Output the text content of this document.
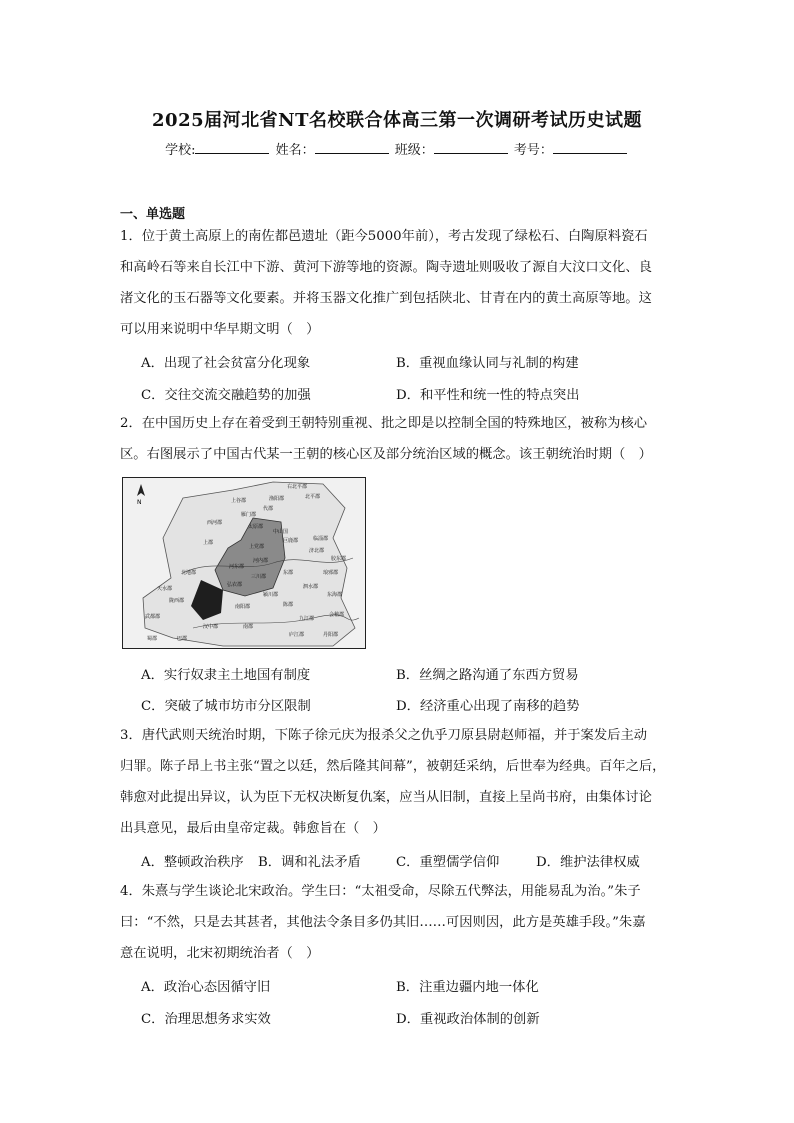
2025届河北省NT名校联合体高三第一次调研考试历史试题
学校:	姓名：	班级：	考号：
一、单选题
1．位于黄土高原上的南佐都邑遗址（距今5000年前），考古发现了绿松石、白陶原料瓷石
和高岭石等来自长江中下游、黄河下游等地的资源。陶寺遗址则吸收了源自大汶口文化、良
渚文化的玉石器等文化要素。并将玉器文化推广到包括陕北、甘青在内的黄土高原等地。这
可以用来说明中华早期文明（　）
A．出现了社会贫富分化现象	B．重视血缘认同与礼制的构建
C．交往交流交融趋势的加强	D．和平性和统一性的特点突出
2．在中国历史上存在着受到王朝特别重视、批之即是以控制全国的特殊地区，被称为核心
区。右图展示了中国古代某一王朝的核心区及部分统治区域的概念。该王朝统治时期（　）
N	上谷郡
右北平郡
渔阳郡
代郡
雁门郡
太原郡
西河郡
中山国
上郡
上党郡
河内郡
河东郡
北地郡
天水郡
三川郡
弘农郡
南阳郡
南郡
武都郡
颍川郡
陈郡
九江郡
庐江郡	丹阳郡
会稽郡
济北郡
东郡
巨鹿郡
琅邪郡
泗水郡
东海郡
胶东郡
陇西郡
汉中郡
巴郡
蜀郡
北平郡
临淄郡
A．实行奴隶主土地国有制度	B．丝绸之路沟通了东西方贸易
C．突破了城市坊市分区限制	D．经济重心出现了南移的趋势
3．唐代武则天统治时期，下陈子徐元庆为报杀父之仇乎刀原县尉赵师福，并于案发后主动
归罪。陈子昂上书主张“置之以廷，然后隆其间幕”，被朝廷采纳，后世奉为经典。百年之后，
韩愈对此提出异议，认为臣下无权决断复仇案，应当从旧制，直接上呈尚书府，由集体讨论
出具意见，最后由皇帝定裁。韩愈旨在（　）
A．整顿政治秩序 B．调和礼法矛盾	C．重塑儒学信仰	D．维护法律权威
4．朱熹与学生谈论北宋政治。学生曰：“太祖受命，尽除五代弊法，用能易乱为治。”朱子
曰：“不然，只是去其甚者，其他法令条目多仍其旧……可因则因，此方是英雄手段。”朱嘉
意在说明，北宋初期统治者（　）
A．政治心态因循守旧	B．注重边疆内地一体化
C．治理思想务求实效	D．重视政治体制的创新
